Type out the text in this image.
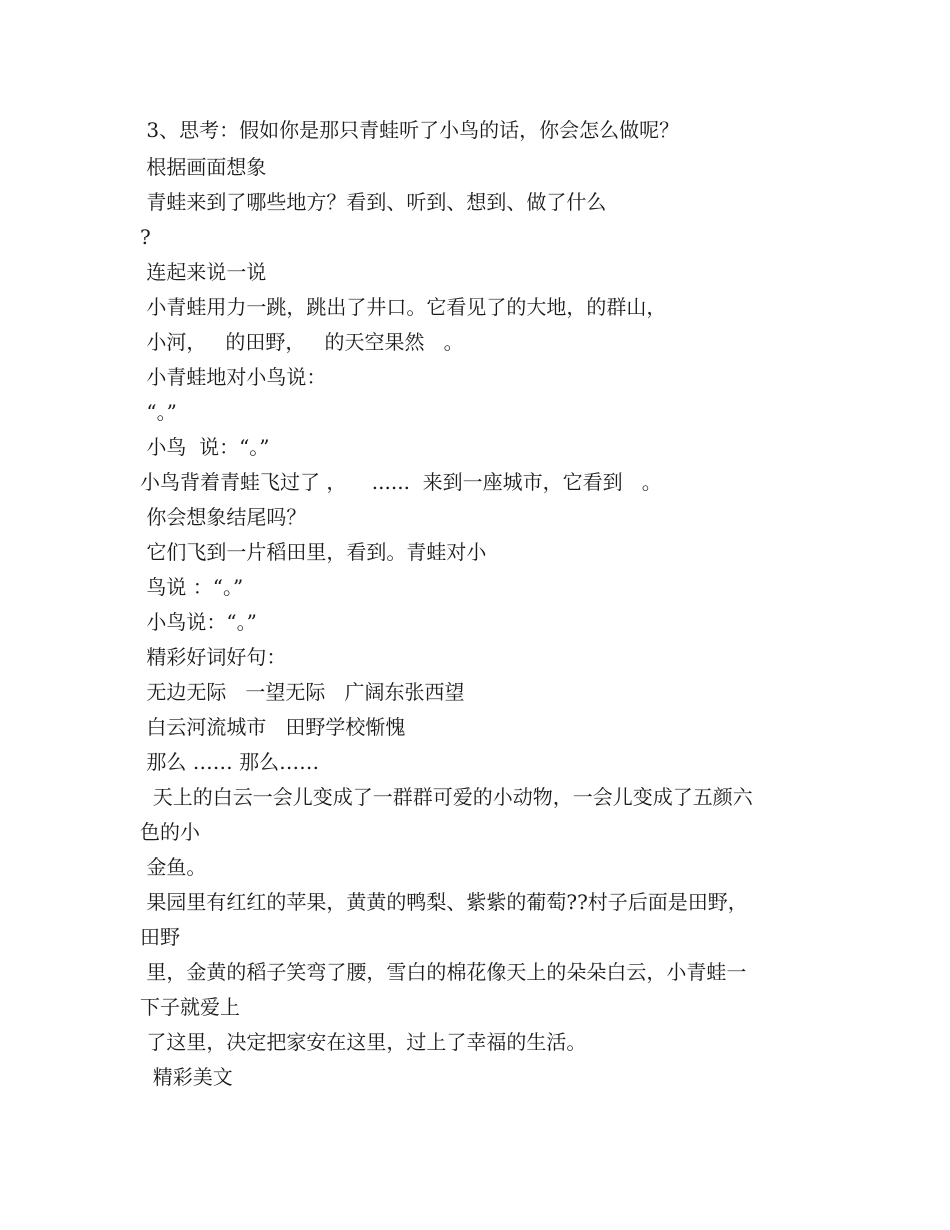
3、思考：假如你是那只青蛙听了小鸟的话，你会怎么做呢？
根据画面想象
青蛙来到了哪些地方？看到、听到、想到、做了什么
?
连起来说一说
小青蛙用力一跳，跳出了井口。它看见了的大地，的群山，
小河，   的田野，   的天空果然   。
小青蛙地对小鸟说：
“。”
小鸟  说：“。”
小鸟背着青蛙飞过了 ，    ......  来到一座城市，它看到   。
你会想象结尾吗？
它们飞到一片稻田里，看到。青蛙对小
鸟说 ：“。”
小鸟说：“。”
精彩好词好句：
无边无际   一望无际   广阔东张西望
白云河流城市   田野学校惭愧
那么 …… 那么……
天上的白云一会儿变成了一群群可爱的小动物，一会儿变成了五颜六
色的小
金鱼。
果园里有红红的苹果，黄黄的鸭梨、紫紫的葡萄??村子后面是田野，
田野
里，金黄的稻子笑弯了腰，雪白的棉花像天上的朵朵白云，小青蛙一
下子就爱上
了这里，决定把家安在这里，过上了幸福的生活。
精彩美文
